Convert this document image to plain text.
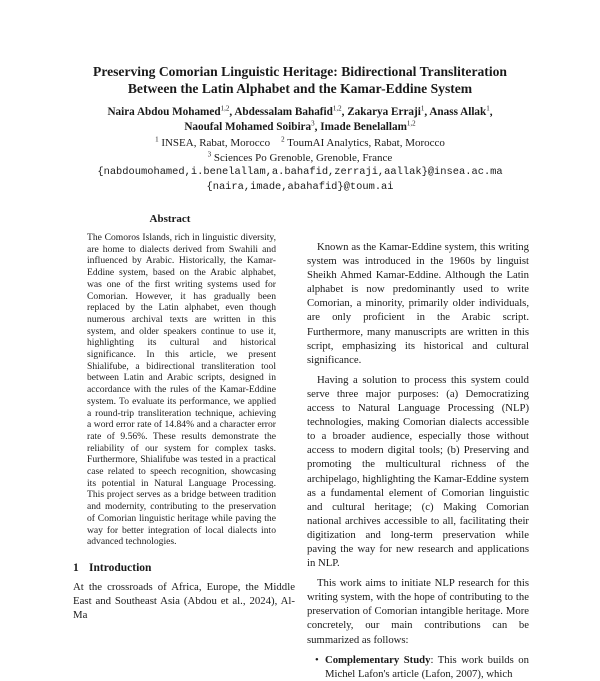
Preserving Comorian Linguistic Heritage: Bidirectional Transliteration
Between the Latin Alphabet and the Kamar-Eddine System
Naira Abdou Mohamed$^{1,2}$, Abdessalam Bahafid$^{1,2}$, Zakarya Erraji$^1$, Anass Allak$^1$,
Naoufal Mohamed Soibira$^3$, Imade Benelallam$^{1,2}$
$^1$ INSEA, Rabat, Morocco $^2$ ToumAI Analytics, Rabat, Morocco
$^3$ Sciences Po Grenoble, Grenoble, France
{nabdoumohamed,i.benelallam,a.bahafid,zerraji,aallak}@insea.ac.ma
{naira,imade,abahafid}@toum.ai
Abstract
The Comoros Islands, rich in linguistic diversity, are home to dialects derived from Swahili and influenced by Arabic. Historically, the Kamar-Eddine system, based on the Arabic alphabet, was one of the first writing systems used for Comorian. However, it has gradually been replaced by the Latin alphabet, even though numerous archival texts are written in this system, and older speakers continue to use it, highlighting its cultural and historical significance. In this article, we present Shialifube, a bidirectional transliteration tool between Latin and Arabic scripts, designed in accordance with the rules of the Kamar-Eddine system. To evaluate its performance, we applied a round-trip transliteration technique, achieving a word error rate of 14.84% and a character error rate of 9.56%. These results demonstrate the reliability of our system for complex tasks. Furthermore, Shialifube was tested in a practical case related to speech recognition, showcasing its potential in Natural Language Processing. This project serves as a bridge between tradition and modernity, contributing to the preservation of Comorian linguistic heritage while paving the way for better integration of local dialects into advanced technologies.
1 Introduction
At the crossroads of Africa, Europe, the Middle East and Southeast Asia (Abdou et al., 2024), Al-Ma

Known as the Kamar-Eddine system, this writing system was introduced in the 1960s by linguist Sheikh Ahmed Kamar-Eddine. Although the Latin alphabet is now predominantly used to write Comorian, a minority, primarily older individuals, are only proficient in the Arabic script. Furthermore, many manuscripts are written in this script, emphasizing its historical and cultural significance.

Having a solution to process this system could serve three major purposes: (a) Democratizing access to Natural Language Processing (NLP) technologies, making Comorian dialects accessible to a broader audience, especially those without access to modern digital tools; (b) Preserving and promoting the multicultural richness of the archipelago, highlighting the Kamar-Eddine system as a fundamental element of Comorian linguistic and cultural heritage; (c) Making Comorian national archives accessible to all, facilitating their digitization and long-term preservation while paving the way for new research and applications in NLP.

This work aims to initiate NLP research for this writing system, with the hope of contributing to the preservation of Comorian intangible heritage. More concretely, our main contributions can be summarized as follows:

• Complementary Study: This work builds on Michel Lafon's article (Lafon, 2007), which
